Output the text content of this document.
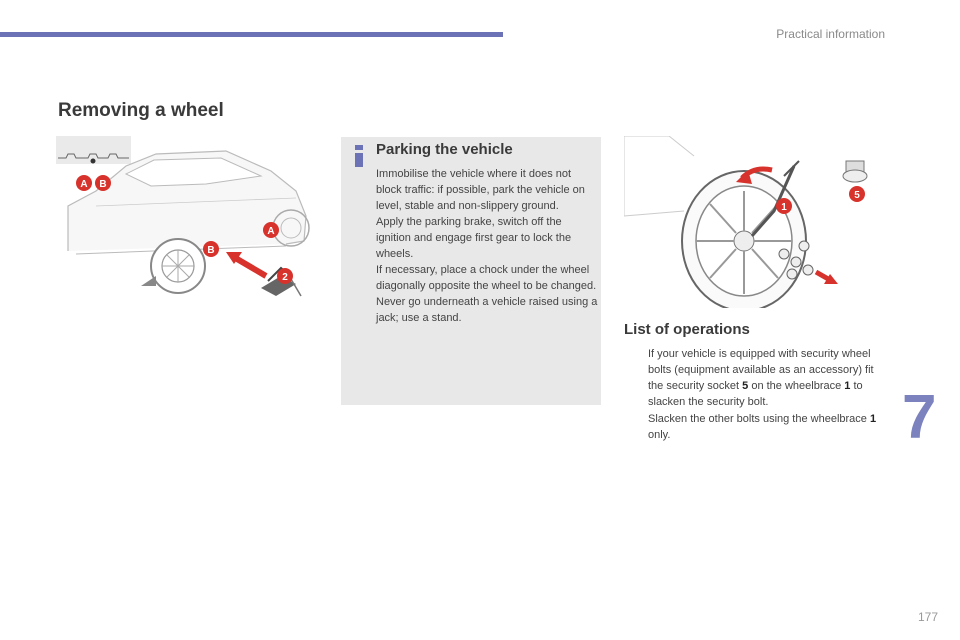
Practical information
Removing a wheel
A B
A
B
2
Parking the vehicle

Immobilise the vehicle where it does not block traffic: if possible, park the vehicle on level, stable and non-slippery ground.

Apply the parking brake, switch off the ignition and engage first gear to lock the wheels.

If necessary, place a chock under the wheel diagonally opposite the wheel to be changed.

Never go underneath a vehicle raised using a jack; use a stand.

1
5
List of operations
If your vehicle is equipped with security wheel bolts (equipment available as an accessory) fit the security socket 5 on the wheelbrace 1 to slacken the security bolt.
Slacken the other bolts using the wheelbrace 1 only.	7
177
